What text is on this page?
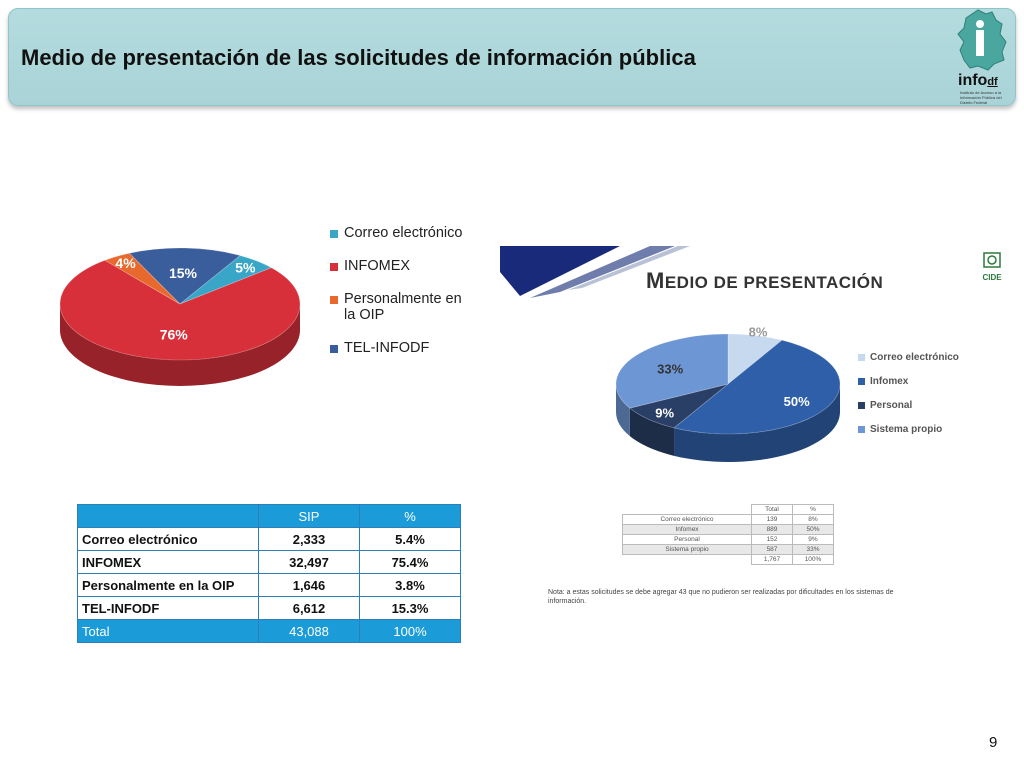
Medio de presentación de las solicitudes de información pública
infodf
Instituto de Acceso a la Información Pública del Distrito Federal
15%	5%
76%
4%
Correo electrónico
INFOMEX
Personalmente en la OIP
TEL-INFODF
MEDIO DE PRESENTACIÓN	CIDE
8%
50%
9%
33%
Correo electrónico
Infomex
Personal
Sistema propio
	SIP	%
Correo electrónico	2,333	5.4%
INFOMEX	32,497	75.4%
Personalmente en la OIP	1,646	3.8%
TEL-INFODF	6,612	15.3%
Total	43,088	100%
	Total	%
Correo electrónico	139	8%
Infomex	889	50%
Personal	152	9%
Sistema propio	587	33%
	1,767	100%
Nota: a estas solicitudes se debe agregar 43 que no pudieron ser realizadas por dificultades en los sistemas de información.
9
